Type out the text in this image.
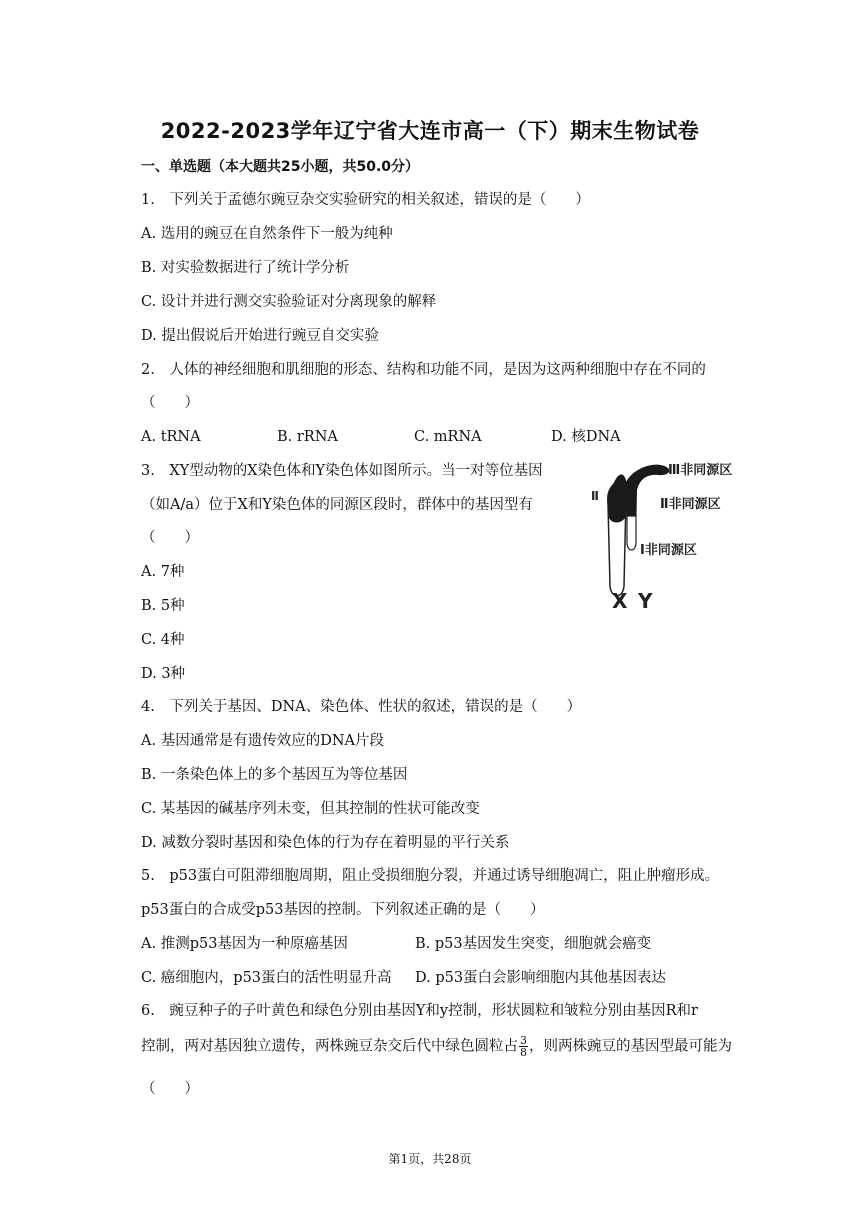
2022-2023学年辽宁省大连市高一（下）期末生物试卷
一、单选题（本大题共25小题，共50.0分）
1.　下列关于孟德尔豌豆杂交实验研究的相关叙述，错误的是（　　）
A. 选用的豌豆在自然条件下一般为纯种
B. 对实验数据进行了统计学分析
C. 设计并进行测交实验验证对分离现象的解释
D. 提出假说后开始进行豌豆自交实验
2.　人体的神经细胞和肌细胞的形态、结构和功能不同，是因为这两种细胞中存在不同的
（　　）
A. tRNA	B. rRNA	C. mRNA	D. 核DNA
3.　XY型动物的X染色体和Y染色体如图所示。当一对等位基因
（如A/a）位于X和Y染色体的同源区段时，群体中的基因型有
（　　）
A. 7种
B. 5种
C. 4种
D. 3种
Ⅱ
Ⅲ非同源区
Ⅱ非同源区
Ⅰ非同源区
X Y
4.　下列关于基因、DNA、染色体、性状的叙述，错误的是（　　）
A. 基因通常是有遗传效应的DNA片段
B. 一条染色体上的多个基因互为等位基因
C. 某基因的碱基序列未变，但其控制的性状可能改变
D. 减数分裂时基因和染色体的行为存在着明显的平行关系
5.　p53蛋白可阻滞细胞周期，阻止受损细胞分裂，并通过诱导细胞凋亡，阻止肿瘤形成。
p53蛋白的合成受p53基因的控制。下列叙述正确的是（　　）
A. 推测p53基因为一种原癌基因	B. p53基因发生突变，细胞就会癌变
C. 癌细胞内，p53蛋白的活性明显升高 D. p53蛋白会影响细胞内其他基因表达
6.　豌豆种子的子叶黄色和绿色分别由基因Y和y控制，形状圆粒和皱粒分别由基因R和r
控制，两对基因独立遗传，两株豌豆杂交后代中绿色圆粒占 $\frac{3}{8}$ ，则两株豌豆的基因型最可能为
（　　）
第1页，共28页
